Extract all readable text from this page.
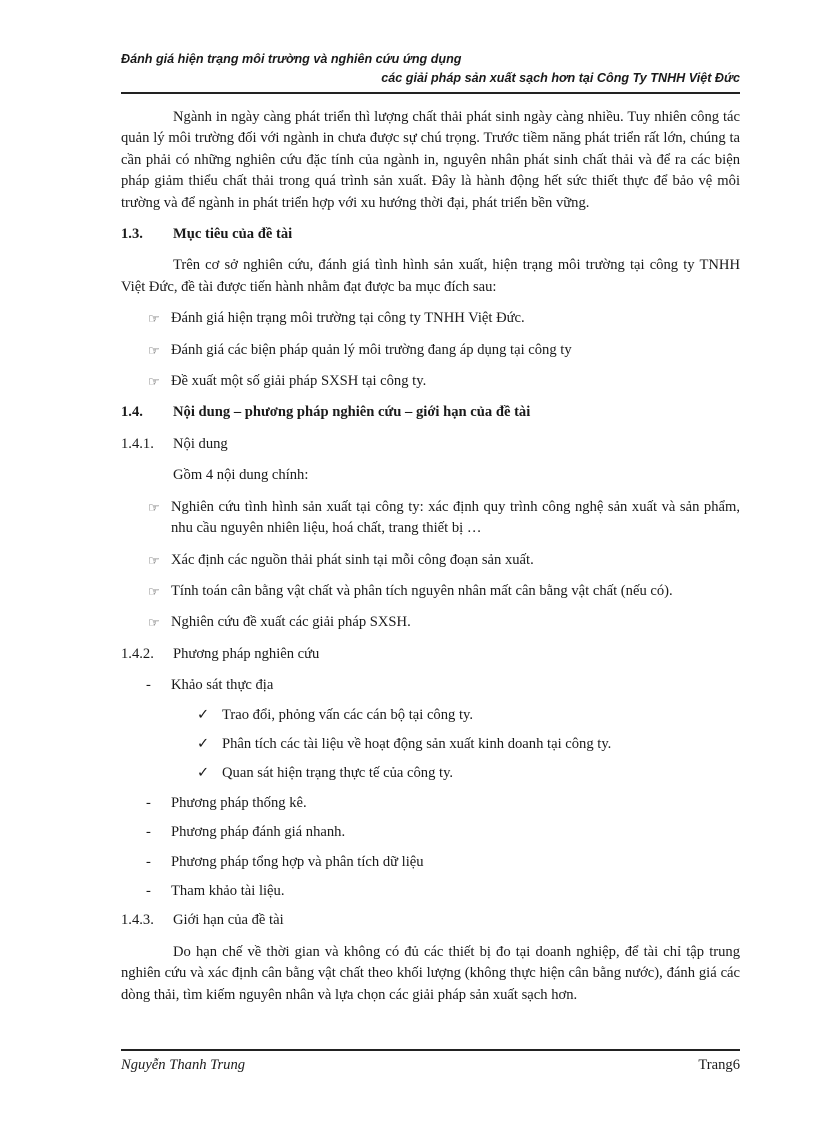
Đánh giá hiện trạng môi trường và nghiên cứu ứng dụng
các giải pháp sản xuất sạch hơn tại Công Ty TNHH Việt Đức

Ngành in ngày càng phát triển thì lượng chất thải phát sinh ngày càng nhiều. Tuy nhiên công tác quản lý môi trường đối với ngành in chưa được sự chú trọng. Trước tiềm năng phát triển rất lớn, chúng ta cần phải có những nghiên cứu đặc tính của ngành in, nguyên nhân phát sinh chất thải và để ra các biện pháp giảm thiểu chất thải trong quá trình sản xuất. Đây là hành động hết sức thiết thực để bảo vệ môi trường và để ngành in phát triển hợp với xu hướng thời đại, phát triển bền vững.

1.3.	Mục tiêu của đề tài

Trên cơ sở nghiên cứu, đánh giá tình hình sản xuất, hiện trạng môi trường tại công ty TNHH Việt Đức, đề tài được tiến hành nhằm đạt được ba mục đích sau:

☞ Đánh giá hiện trạng môi trường tại công ty TNHH Việt Đức.
☞ Đánh giá các biện pháp quản lý môi trường đang áp dụng tại công ty
☞ Đề xuất một số giải pháp SXSH tại công ty.
1.4.	Nội dung – phương pháp nghiên cứu – giới hạn của đề tài
1.4.1.	Nội dung

Gồm 4 nội dung chính:

☞ Nghiên cứu tình hình sản xuất tại công ty: xác định quy trình công nghệ sản xuất và sản phẩm, nhu cầu nguyên nhiên liệu, hoá chất, trang thiết bị …
☞ Xác định các nguồn thải phát sinh tại mỗi công đoạn sản xuất.
☞ Tính toán cân bằng vật chất và phân tích nguyên nhân mất cân bằng vật chất (nếu có).
☞ Nghiên cứu đề xuất các giải pháp SXSH.
1.4.2.	Phương pháp nghiên cứu
-	Khảo sát thực địa
✓ Trao đổi, phỏng vấn các cán bộ tại công ty.
✓ Phân tích các tài liệu về hoạt động sản xuất kinh doanh tại công ty.
✓ Quan sát hiện trạng thực tế của công ty.
-	Phương pháp thống kê.
-	Phương pháp đánh giá nhanh.
-	Phương pháp tổng hợp và phân tích dữ liệu
-	Tham khảo tài liệu.
1.4.3.	Giới hạn của đề tài

Do hạn chế về thời gian và không có đủ các thiết bị đo tại doanh nghiệp, để tài chỉ tập trung nghiên cứu và xác định cân bằng vật chất theo khối lượng (không thực hiện cân bằng nước), đánh giá các dòng thải, tìm kiếm nguyên nhân và lựa chọn các giải pháp sản xuất sạch hơn.

Nguyễn Thanh Trung	Trang6
